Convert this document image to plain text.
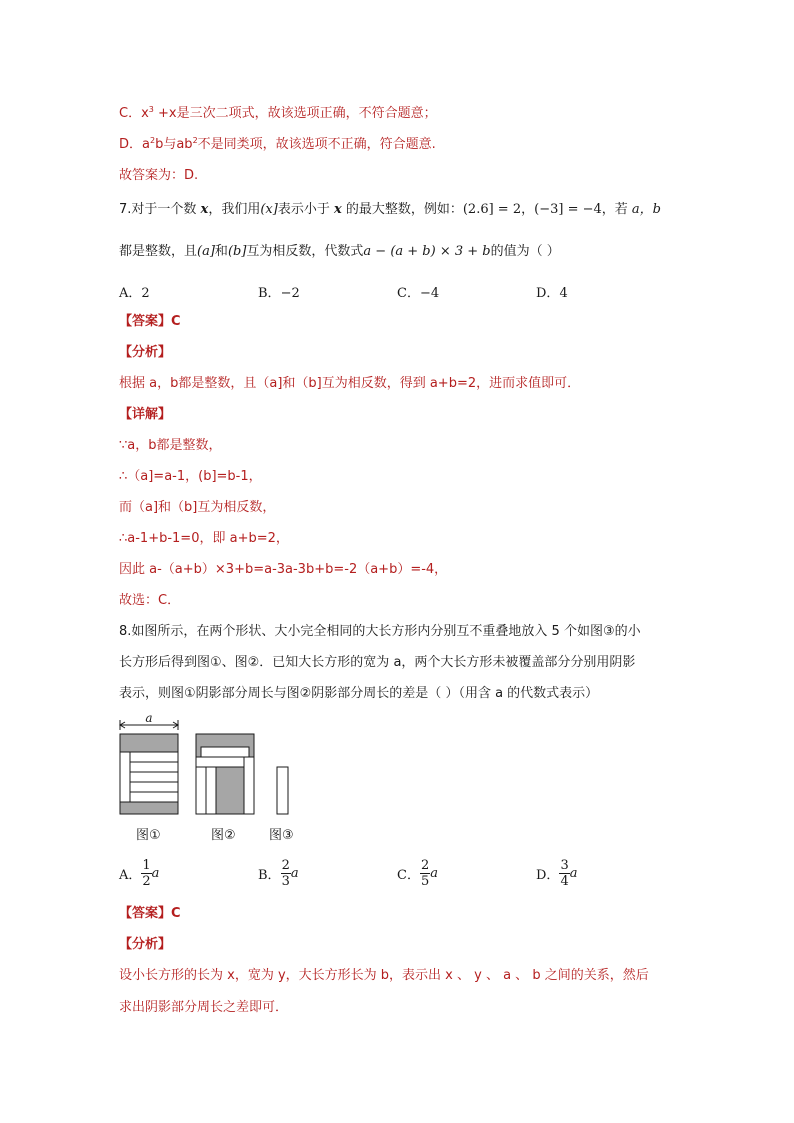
C．$x^3 +x$是三次二项式，故该选项正确，不符合题意；
D．$a^2b$与$ab^2$不是同类项，故该选项不正确，符合题意.
故答案为：D.
7.对于一个数 x，我们用(x]表示小于 x 的最大整数，例如：(2.6] = 2，(−3] = −4，若 a，b
都是整数，且(a]和(b]互为相反数，代数式a − (a + b) × 3 + b的值为（ ）
A．2	B．−2	C．−4	D．4
【答案】C
【分析】
根据 a，b都是整数，且（a]和（b]互为相反数，得到 a+b=2，进而求值即可．
【详解】
∵a，b都是整数，
∴（a]=a-1，(b]=b-1，
而（a]和（b]互为相反数，
∴a-1+b-1=0，即 a+b=2，
因此 a-（a+b）×3+b=a-3a-3b+b=-2（a+b）=-4，
故选：C．
8.如图所示，在两个形状、大小完全相同的大长方形内分别互不重叠地放入 5 个如图③的小
长方形后得到图①、图②．已知大长方形的宽为 a，两个大长方形未被覆盖部分分别用阴影
表示，则图①阴影部分周长与图②阴影部分周长的差是（ ）（用含 a 的代数式表示）
a
图①	图②	图③
A． $\frac{1}{2}$ a	B． $\frac{2}{3}$ a	C． $\frac{2}{5}$ a	D． $\frac{3}{4}$ a
【答案】C
【分析】
设小长方形的长为 x，宽为 y，大长方形长为 b，表示出 x 、 y 、 a 、 b 之间的关系，然后
求出阴影部分周长之差即可．
